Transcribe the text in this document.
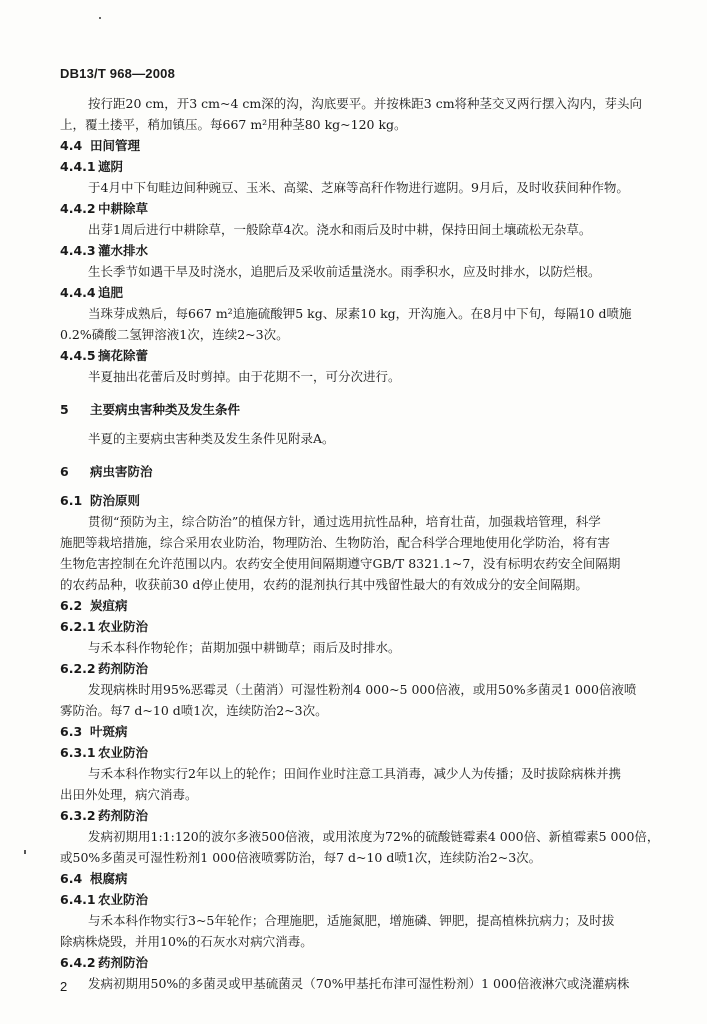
DB13/T 968—2008
按行距20 cm，开3 cm~4 cm深的沟，沟底要平。并按株距3 cm将种茎交叉两行摆入沟内，芽头向
上，覆土搂平，稍加镇压。每667 m²用种茎80 kg~120 kg。
4.4 田间管理
4.4.1 遮阴
于4月中下旬畦边间种豌豆、玉米、高粱、芝麻等高秆作物进行遮阴。9月后，及时收获间种作物。
4.4.2 中耕除草
出芽1周后进行中耕除草，一般除草4次。浇水和雨后及时中耕，保持田间土壤疏松无杂草。
4.4.3 灌水排水
生长季节如遇干旱及时浇水，追肥后及采收前适量浇水。雨季积水，应及时排水，以防烂根。
4.4.4 追肥
当珠芽成熟后，每667 m²追施硫酸钾5 kg、尿素10 kg，开沟施入。在8月中下旬，每隔10 d喷施
0.2%磷酸二氢钾溶液1次，连续2~3次。
4.4.5 摘花除蕾
半夏抽出花蕾后及时剪掉。由于花期不一，可分次进行。
5 主要病虫害种类及发生条件
半夏的主要病虫害种类及发生条件见附录A。
6 病虫害防治
6.1 防治原则
贯彻“预防为主，综合防治”的植保方针，通过选用抗性品种，培育壮苗，加强栽培管理，科学
施肥等栽培措施，综合采用农业防治，物理防治、生物防治，配合科学合理地使用化学防治，将有害
生物危害控制在允许范围以内。农药安全使用间隔期遵守GB/T 8321.1~7，没有标明农药安全间隔期
的农药品种，收获前30 d停止使用，农药的混剂执行其中残留性最大的有效成分的安全间隔期。
6.2 炭疽病
6.2.1 农业防治
与禾本科作物轮作；苗期加强中耕锄草；雨后及时排水。
6.2.2 药剂防治
发现病株时用95%恶霉灵（土菌消）可湿性粉剂4 000~5 000倍液，或用50%多菌灵1 000倍液喷
雾防治。每7 d~10 d喷1次，连续防治2~3次。
6.3 叶斑病
6.3.1 农业防治
与禾本科作物实行2年以上的轮作；田间作业时注意工具消毒，减少人为传播；及时拔除病株并携
出田外处理，病穴消毒。
6.3.2 药剂防治
发病初期用1:1:120的波尔多液500倍液，或用浓度为72%的硫酸链霉素4 000倍、新植霉素5 000倍，
或50%多菌灵可湿性粉剂1 000倍液喷雾防治，每7 d~10 d喷1次，连续防治2~3次。
6.4 根腐病
6.4.1 农业防治
与禾本科作物实行3~5年轮作；合理施肥，适施氮肥，增施磷、钾肥，提高植株抗病力；及时拔
除病株烧毁，并用10%的石灰水对病穴消毒。
6.4.2 药剂防治
发病初期用50%的多菌灵或甲基硫菌灵（70%甲基托布津可湿性粉剂）1 000倍液淋穴或浇灌病株
2
